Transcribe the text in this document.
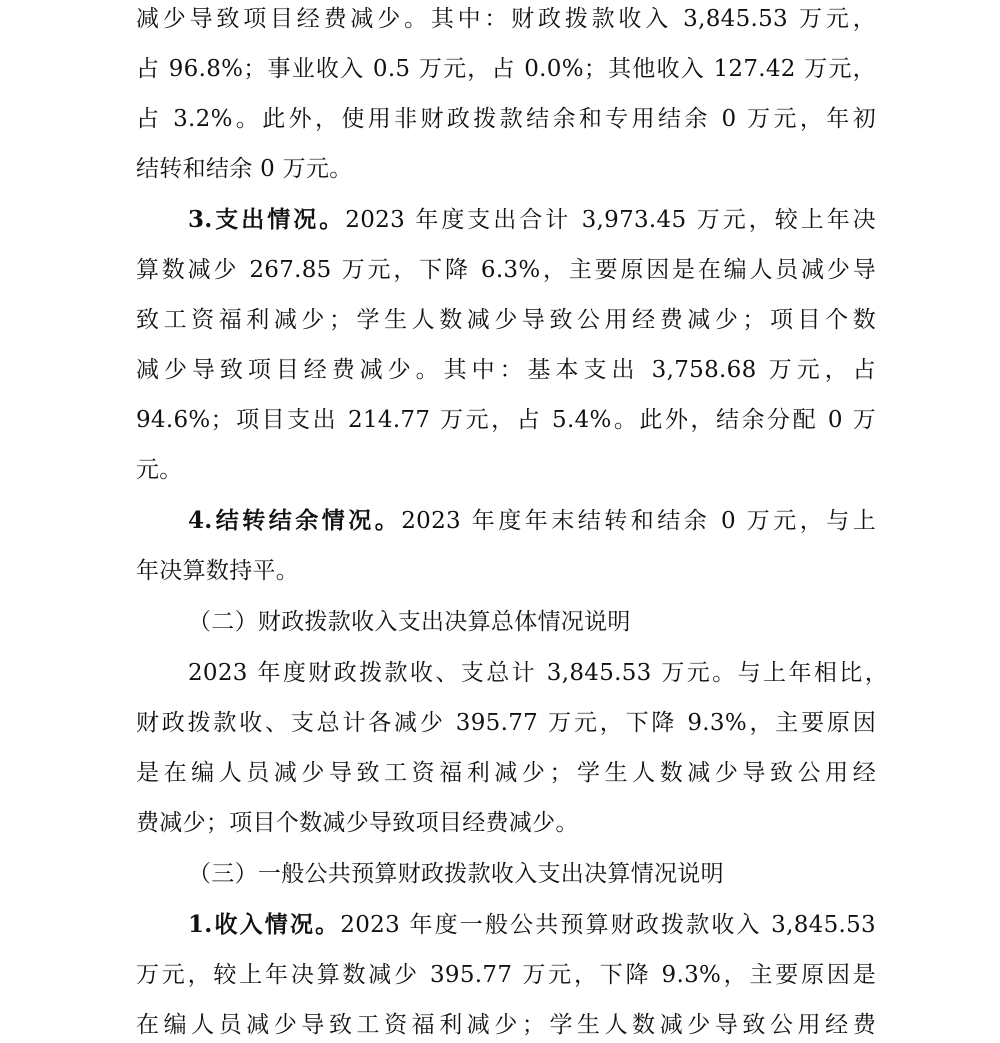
减少导致项目经费减少。其中：财政拨款收入 3,845.53 万元，
占 96.8%；事业收入 0.5 万元，占 0.0%；其他收入 127.42 万元，
占 3.2%。此外，使用非财政拨款结余和专用结余 0 万元，年初
结转和结余 0 万元。
3.支出情况。2023 年度支出合计 3,973.45 万元，较上年决
算数减少 267.85 万元，下降 6.3%，主要原因是在编人员减少导
致工资福利减少；学生人数减少导致公用经费减少；项目个数
减少导致项目经费减少。其中：基本支出 3,758.68 万元，占
94.6%；项目支出 214.77 万元，占 5.4%。此外，结余分配 0 万
元。
4.结转结余情况。2023 年度年末结转和结余 0 万元，与上
年决算数持平。
（二）财政拨款收入支出决算总体情况说明
2023 年度财政拨款收、支总计 3,845.53 万元。与上年相比，
财政拨款收、支总计各减少 395.77 万元，下降 9.3%，主要原因
是在编人员减少导致工资福利减少；学生人数减少导致公用经
费减少；项目个数减少导致项目经费减少。
（三）一般公共预算财政拨款收入支出决算情况说明
1.收入情况。2023 年度一般公共预算财政拨款收入 3,845.53
万元，较上年决算数减少 395.77 万元，下降 9.3%，主要原因是
在编人员减少导致工资福利减少；学生人数减少导致公用经费
